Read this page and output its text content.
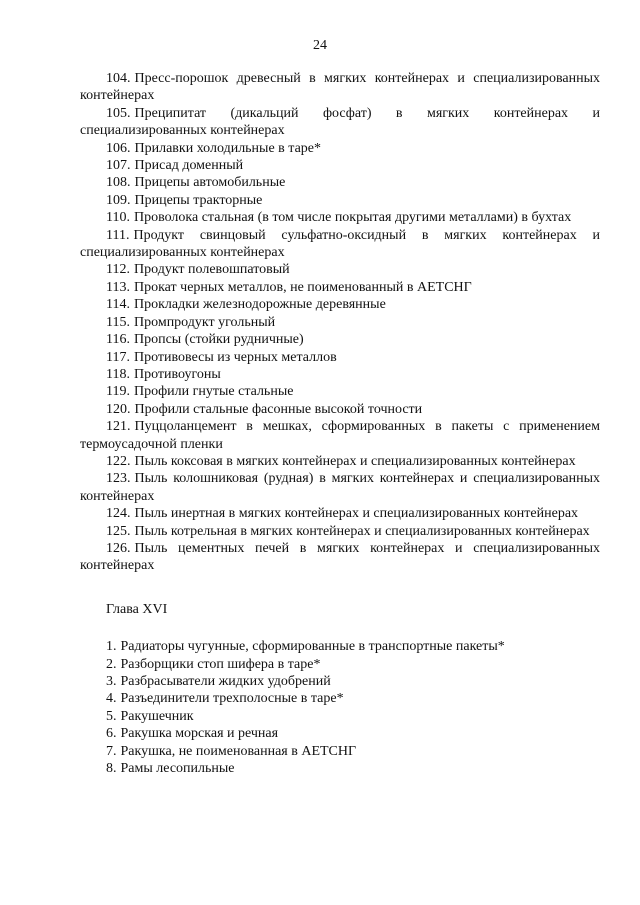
24

104. Пресс-порошок древесный в мягких контейнерах и специализированных контейнерах

105. Преципитат (дикальций фосфат) в мягких контейнерах и специализированных контейнерах

106. Прилавки холодильные в таре*

107. Присад доменный

108. Прицепы автомобильные

109. Прицепы тракторные

110. Проволока стальная (в том числе покрытая другими металлами) в бухтах

111. Продукт свинцовый сульфатно-оксидный в мягких контейнерах и специализированных контейнерах

112. Продукт полевошпатовый

113. Прокат черных металлов, не поименованный в АЕТСНГ

114. Прокладки железнодорожные деревянные

115. Промпродукт угольный

116. Пропсы (стойки рудничные)

117. Противовесы из черных металлов

118. Противоугоны

119. Профили гнутые стальные

120. Профили стальные фасонные высокой точности

121. Пуццоланцемент в мешках, сформированных в пакеты с применением термоусадочной пленки

122. Пыль коксовая в мягких контейнерах и специализированных контейнерах

123. Пыль колошниковая (рудная) в мягких контейнерах и специализированных контейнерах

124. Пыль инертная в мягких контейнерах и специализированных контейнерах

125. Пыль котрельная в мягких контейнерах и специализированных контейнерах

126. Пыль цементных печей в мягких контейнерах и специализированных контейнерах

Глава XVI

1. Радиаторы чугунные, сформированные в транспортные пакеты*

2. Разборщики стоп шифера в таре*

3. Разбрасыватели жидких удобрений

4. Разъединители трехполосные в таре*

5. Ракушечник

6. Ракушка морская и речная

7. Ракушка, не поименованная в АЕТСНГ

8. Рамы лесопильные
